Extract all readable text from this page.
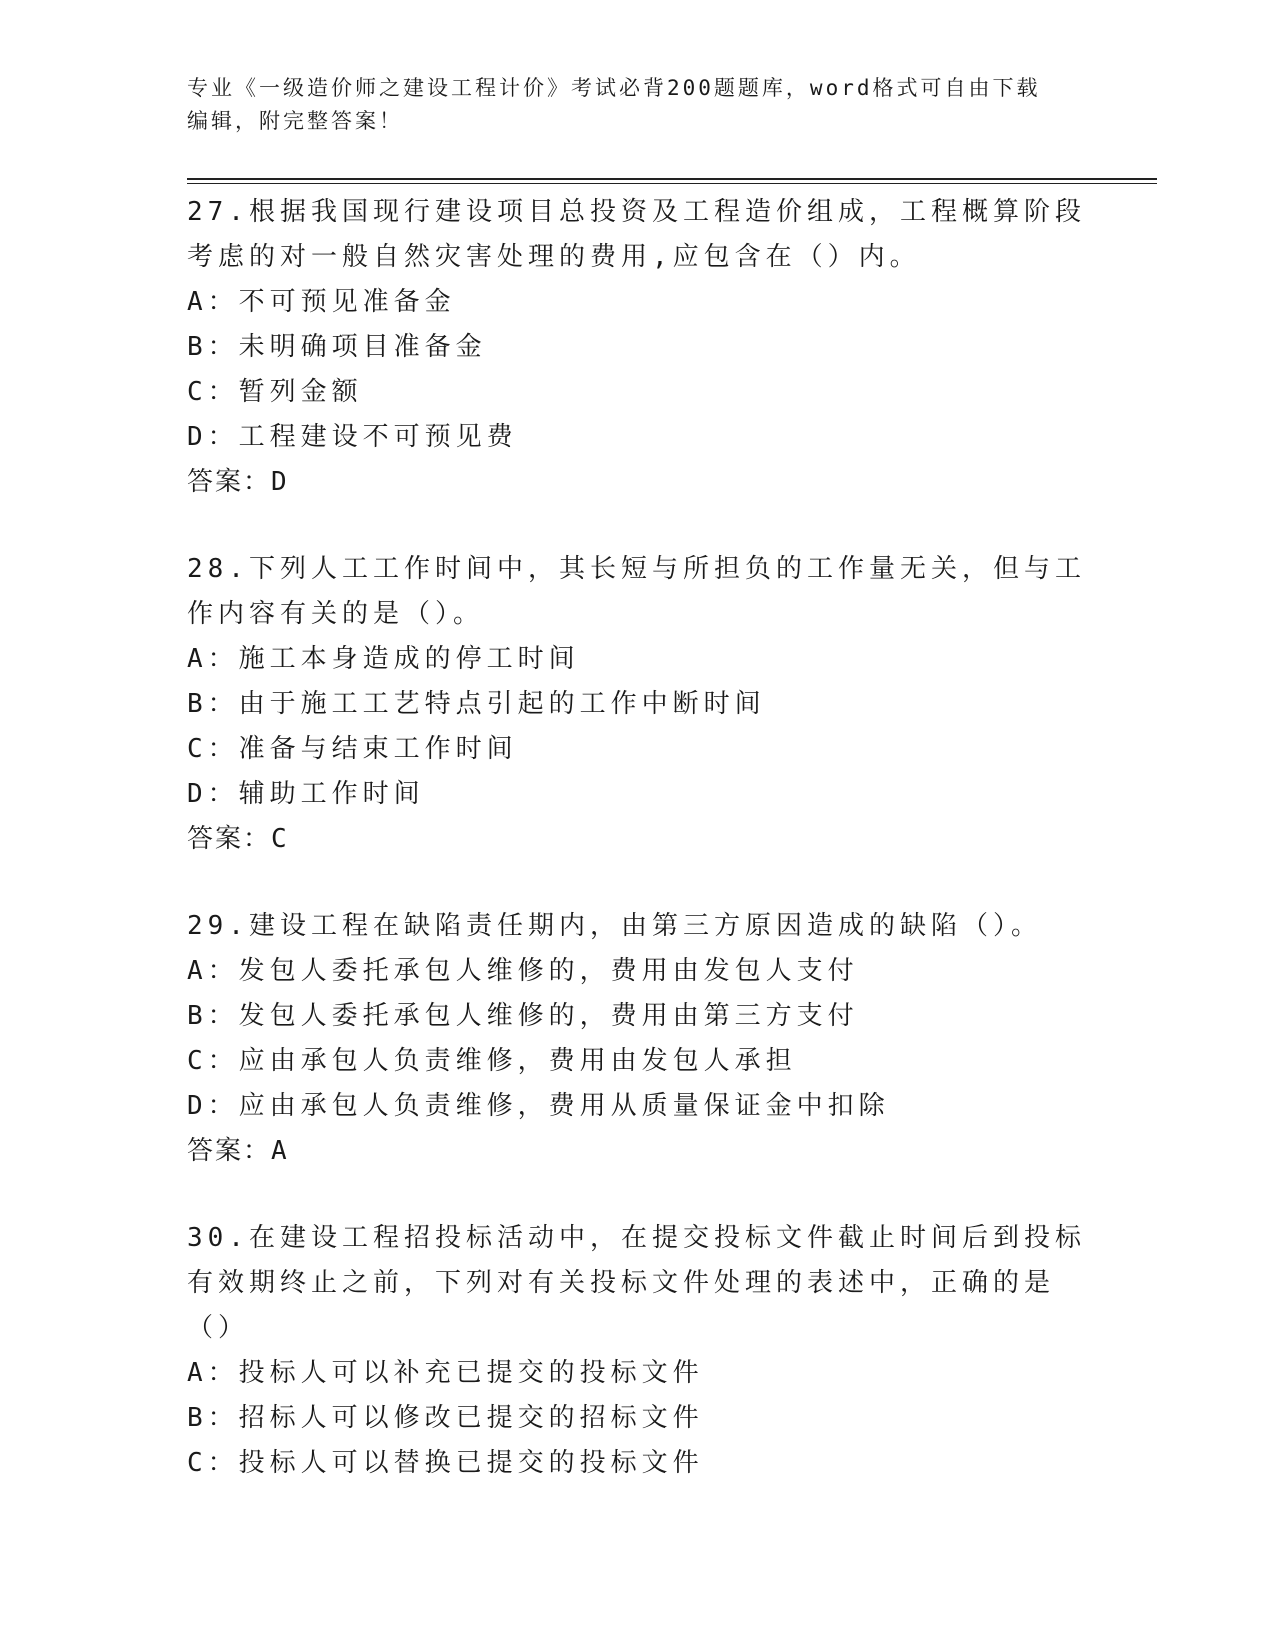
专业《一级造价师之建设工程计价》考试必背200题题库，word格式可自由下载
编辑，附完整答案！
27.根据我国现行建设项目总投资及工程造价组成，工程概算阶段考虑的对一般自然灾害处理的费用,应包含在（）内。
A：不可预见准备金
B：未明确项目准备金
C：暂列金额
D：工程建设不可预见费
答案：D
28.下列人工工作时间中，其长短与所担负的工作量无关，但与工作内容有关的是（）。
A：施工本身造成的停工时间
B：由于施工工艺特点引起的工作中断时间
C：准备与结束工作时间
D：辅助工作时间
答案：C
29.建设工程在缺陷责任期内，由第三方原因造成的缺陷（）。
A：发包人委托承包人维修的，费用由发包人支付
B：发包人委托承包人维修的，费用由第三方支付
C：应由承包人负责维修，费用由发包人承担
D：应由承包人负责维修，费用从质量保证金中扣除
答案：A
30.在建设工程招投标活动中，在提交投标文件截止时间后到投标有效期终止之前，下列对有关投标文件处理的表述中，正确的是（）
A：投标人可以补充已提交的投标文件
B：招标人可以修改已提交的招标文件
C：投标人可以替换已提交的投标文件
